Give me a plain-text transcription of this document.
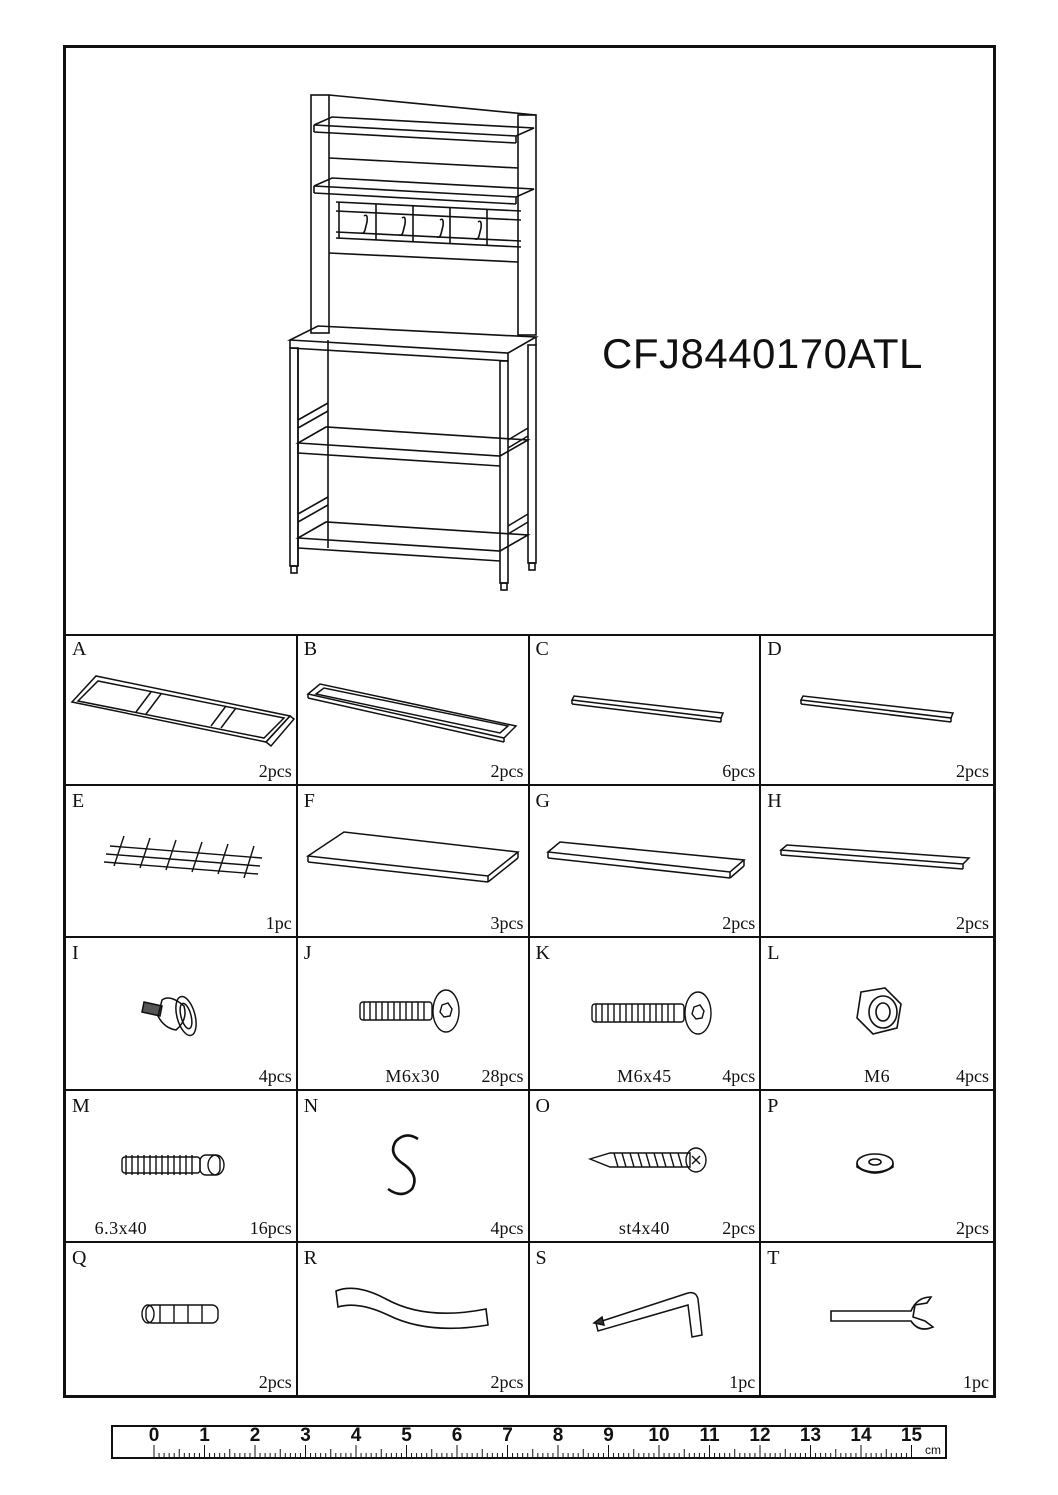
CFJ8440170ATL
A
2pcs
B
2pcs
C
6pcs
D
2pcs
E
1pc
F
3pcs
G
2pcs
H
2pcs
I
4pcs
J
M6x30	28pcs
K
M6x45	4pcs
L
M6	4pcs
M
6.3x40	16pcs
N
4pcs
O
st4x40	2pcs
P
2pcs
Q
2pcs
R
2pcs
S
1pc
T
1pc
0 1 2 3 4 5 6 7 8 9 10 11 12 13 14 15
cm
